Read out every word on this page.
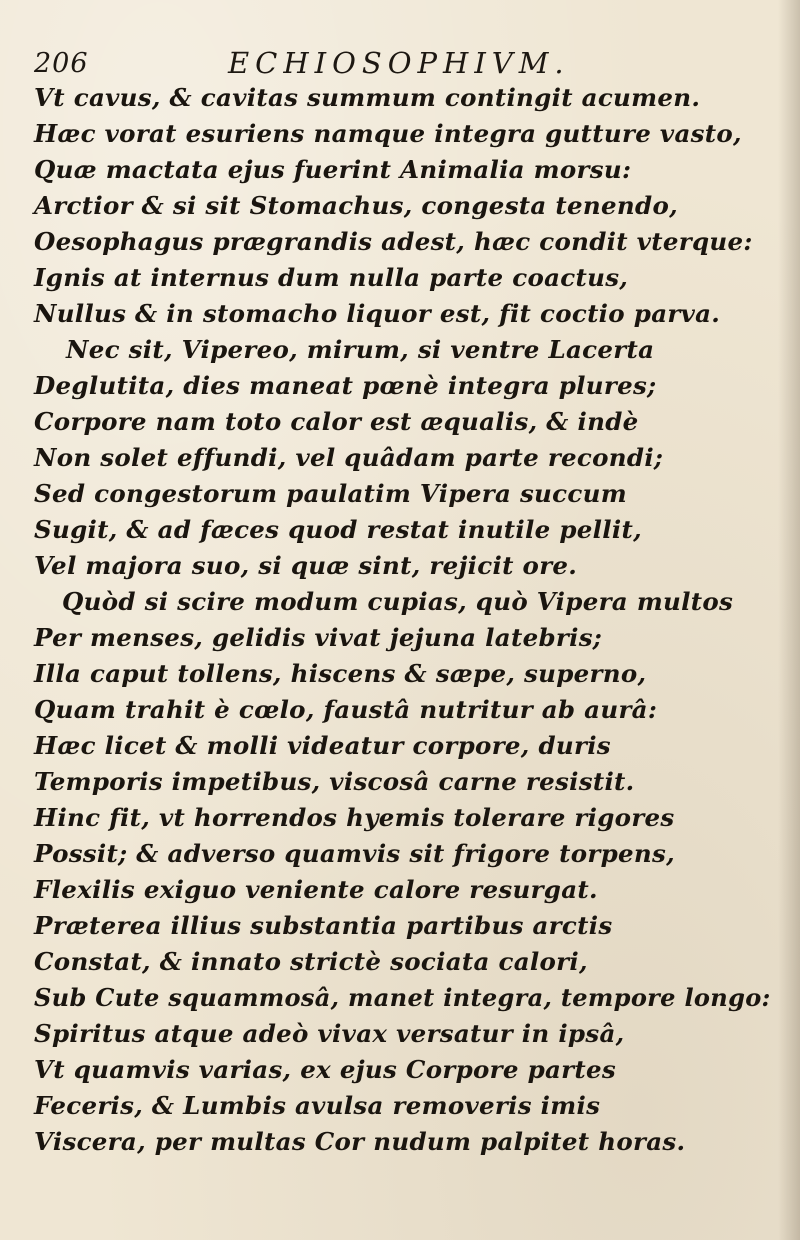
206	ECHIOSOPHIVM.
Vt cavus, & cavitas summum contingit acumen.
Hæc vorat esuriens namque integra gutture vasto,
Quæ mactata ejus fuerint Animalia morsu:
Arctior & si sit Stomachus, congesta tenendo,
Oesophagus prægrandis adest, hæc condit vterque:
Ignis at internus dum nulla parte coactus,
Nullus & in stomacho liquor est, fit coctio parva.
Nec sit, Vipereo, mirum, si ventre Lacerta
Deglutita, dies maneat pœnè integra plures;
Corpore nam toto calor est æqualis, & indè
Non solet effundi, vel quâdam parte recondi;
Sed congestorum paulatim Vipera succum
Sugit, & ad fæces quod restat inutile pellit,
Vel majora suo, si quæ sint, rejicit ore.
Quòd si scire modum cupias, quò Vipera multos
Per menses, gelidis vivat jejuna latebris;
Illa caput tollens, hiscens & sæpe, superno,
Quam trahit è cœlo, faustâ nutritur ab aurâ:
Hæc licet & molli videatur corpore, duris
Temporis impetibus, viscosâ carne resistit.
Hinc fit, vt horrendos hyemis tolerare rigores
Possit; & adverso quamvis sit frigore torpens,
Flexilis exiguo veniente calore resurgat.
Præterea illius substantia partibus arctis
Constat, & innato strictè sociata calori,
Sub Cute squammosâ, manet integra, tempore longo:
Spiritus atque adeò vivax versatur in ipsâ,
Vt quamvis varias, ex ejus Corpore partes
Feceris, & Lumbis avulsa removeris imis
Viscera, per multas Cor nudum palpitet horas.
